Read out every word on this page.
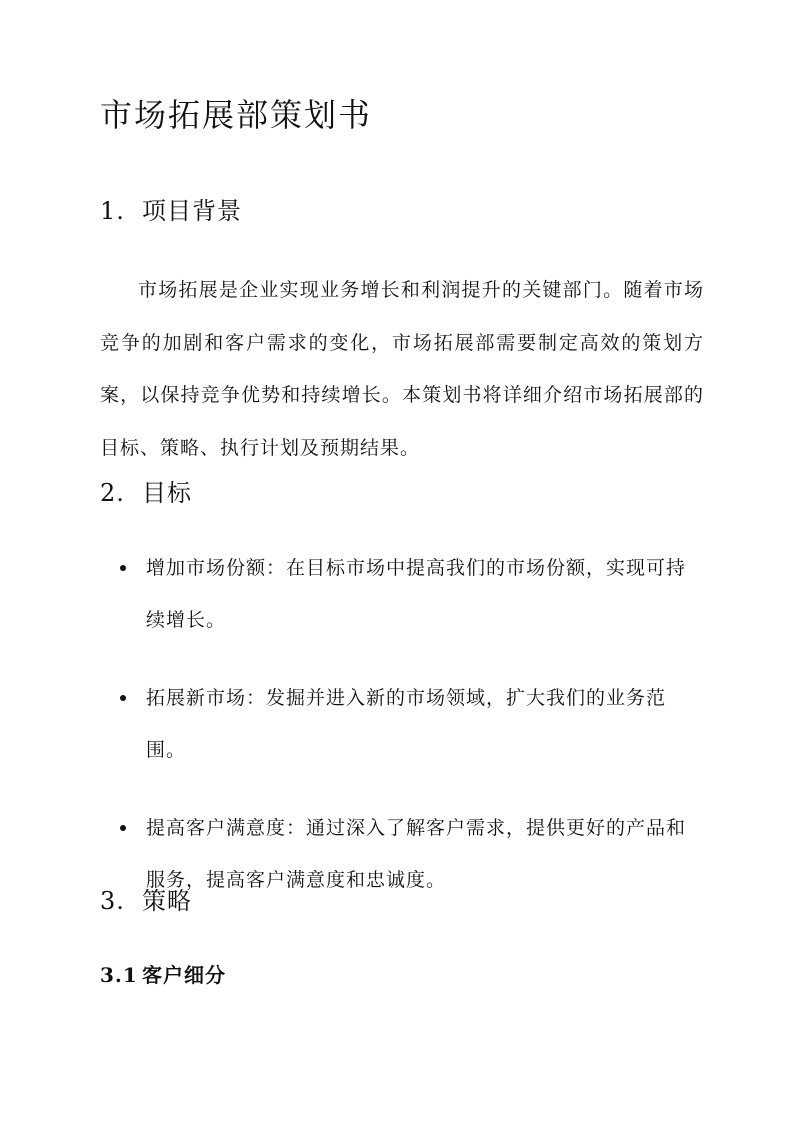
市场拓展部策划书
1. 项目背景

市场拓展是企业实现业务增长和利润提升的关键部门。随着市场竞争的加剧和客户需求的变化，市场拓展部需要制定高效的策划方案，以保持竞争优势和持续增长。本策划书将详细介绍市场拓展部的目标、策略、执行计划及预期结果。

2. 目标
增加市场份额：在目标市场中提高我们的市场份额，实现可持续增长。
拓展新市场：发掘并进入新的市场领域，扩大我们的业务范围。
提高客户满意度：通过深入了解客户需求，提供更好的产品和服务，提高客户满意度和忠诚度。
3. 策略
3.1 客户细分
